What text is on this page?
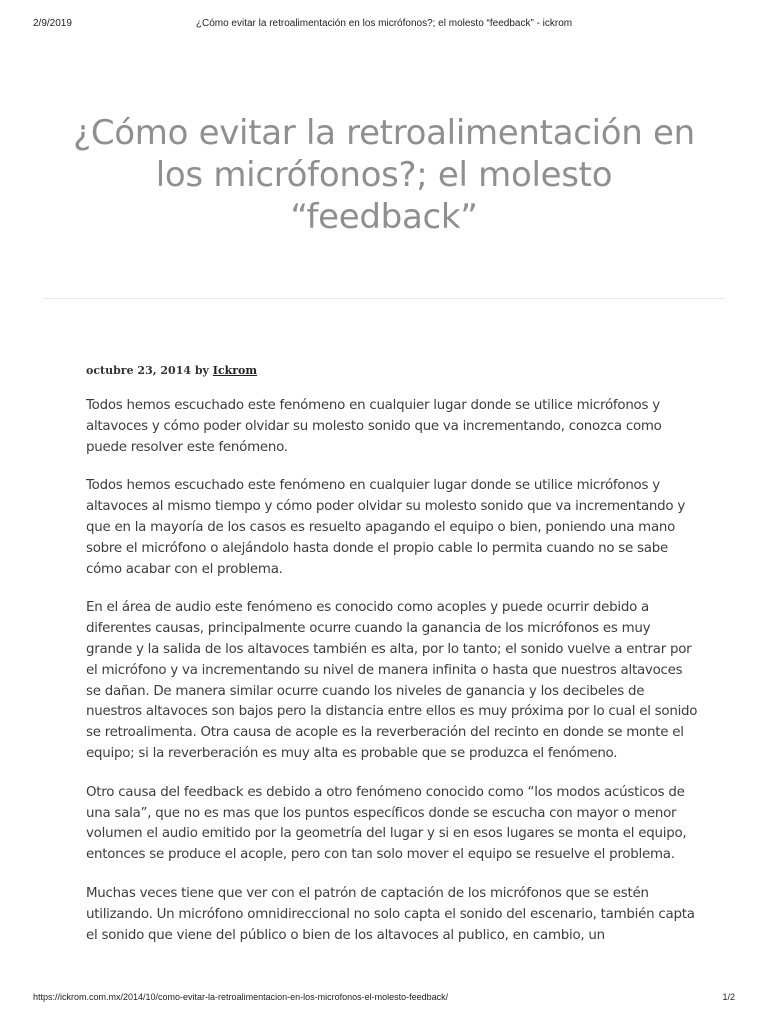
2/9/2019	¿Cómo evitar la retroalimentación en los micrófonos?; el molesto “feedback” - ickrom
¿Cómo evitar la retroalimentación en los micrófonos?; el molesto “feedback”
octubre 23, 2014 by Ickrom

Todos hemos escuchado este fenómeno en cualquier lugar donde se utilice micrófonos y altavoces y cómo poder olvidar su molesto sonido que va incrementando, conozca como puede resolver este fenómeno.

Todos hemos escuchado este fenómeno en cualquier lugar donde se utilice micrófonos y altavoces al mismo tiempo y cómo poder olvidar su molesto sonido que va incrementando y que en la mayoría de los casos es resuelto apagando el equipo o bien, poniendo una mano sobre el micrófono o alejándolo hasta donde el propio cable lo permita cuando no se sabe cómo acabar con el problema.

En el área de audio este fenómeno es conocido como acoples y puede ocurrir debido a diferentes causas, principalmente ocurre cuando la ganancia de los micrófonos es muy grande y la salida de los altavoces también es alta, por lo tanto; el sonido vuelve a entrar por el micrófono y va incrementando su nivel de manera infinita o hasta que nuestros altavoces se dañan. De manera similar ocurre cuando los niveles de ganancia y los decibeles de nuestros altavoces son bajos pero la distancia entre ellos es muy próxima por lo cual el sonido se retroalimenta. Otra causa de acople es la reverberación del recinto en donde se monte el equipo; si la reverberación es muy alta es probable que se produzca el fenómeno.

Otro causa del feedback es debido a otro fenómeno conocido como “los modos acústicos de una sala”, que no es mas que los puntos específicos donde se escucha con mayor o menor volumen el audio emitido por la geometría del lugar y si en esos lugares se monta el equipo, entonces se produce el acople, pero con tan solo mover el equipo se resuelve el problema.

Muchas veces tiene que ver con el patrón de captación de los micrófonos que se estén utilizando. Un micrófono omnidireccional no solo capta el sonido del escenario, también capta el sonido que viene del público o bien de los altavoces al publico, en cambio, un

https://ickrom.com.mx/2014/10/como-evitar-la-retroalimentacion-en-los-microfonos-el-molesto-feedback/	1/2
